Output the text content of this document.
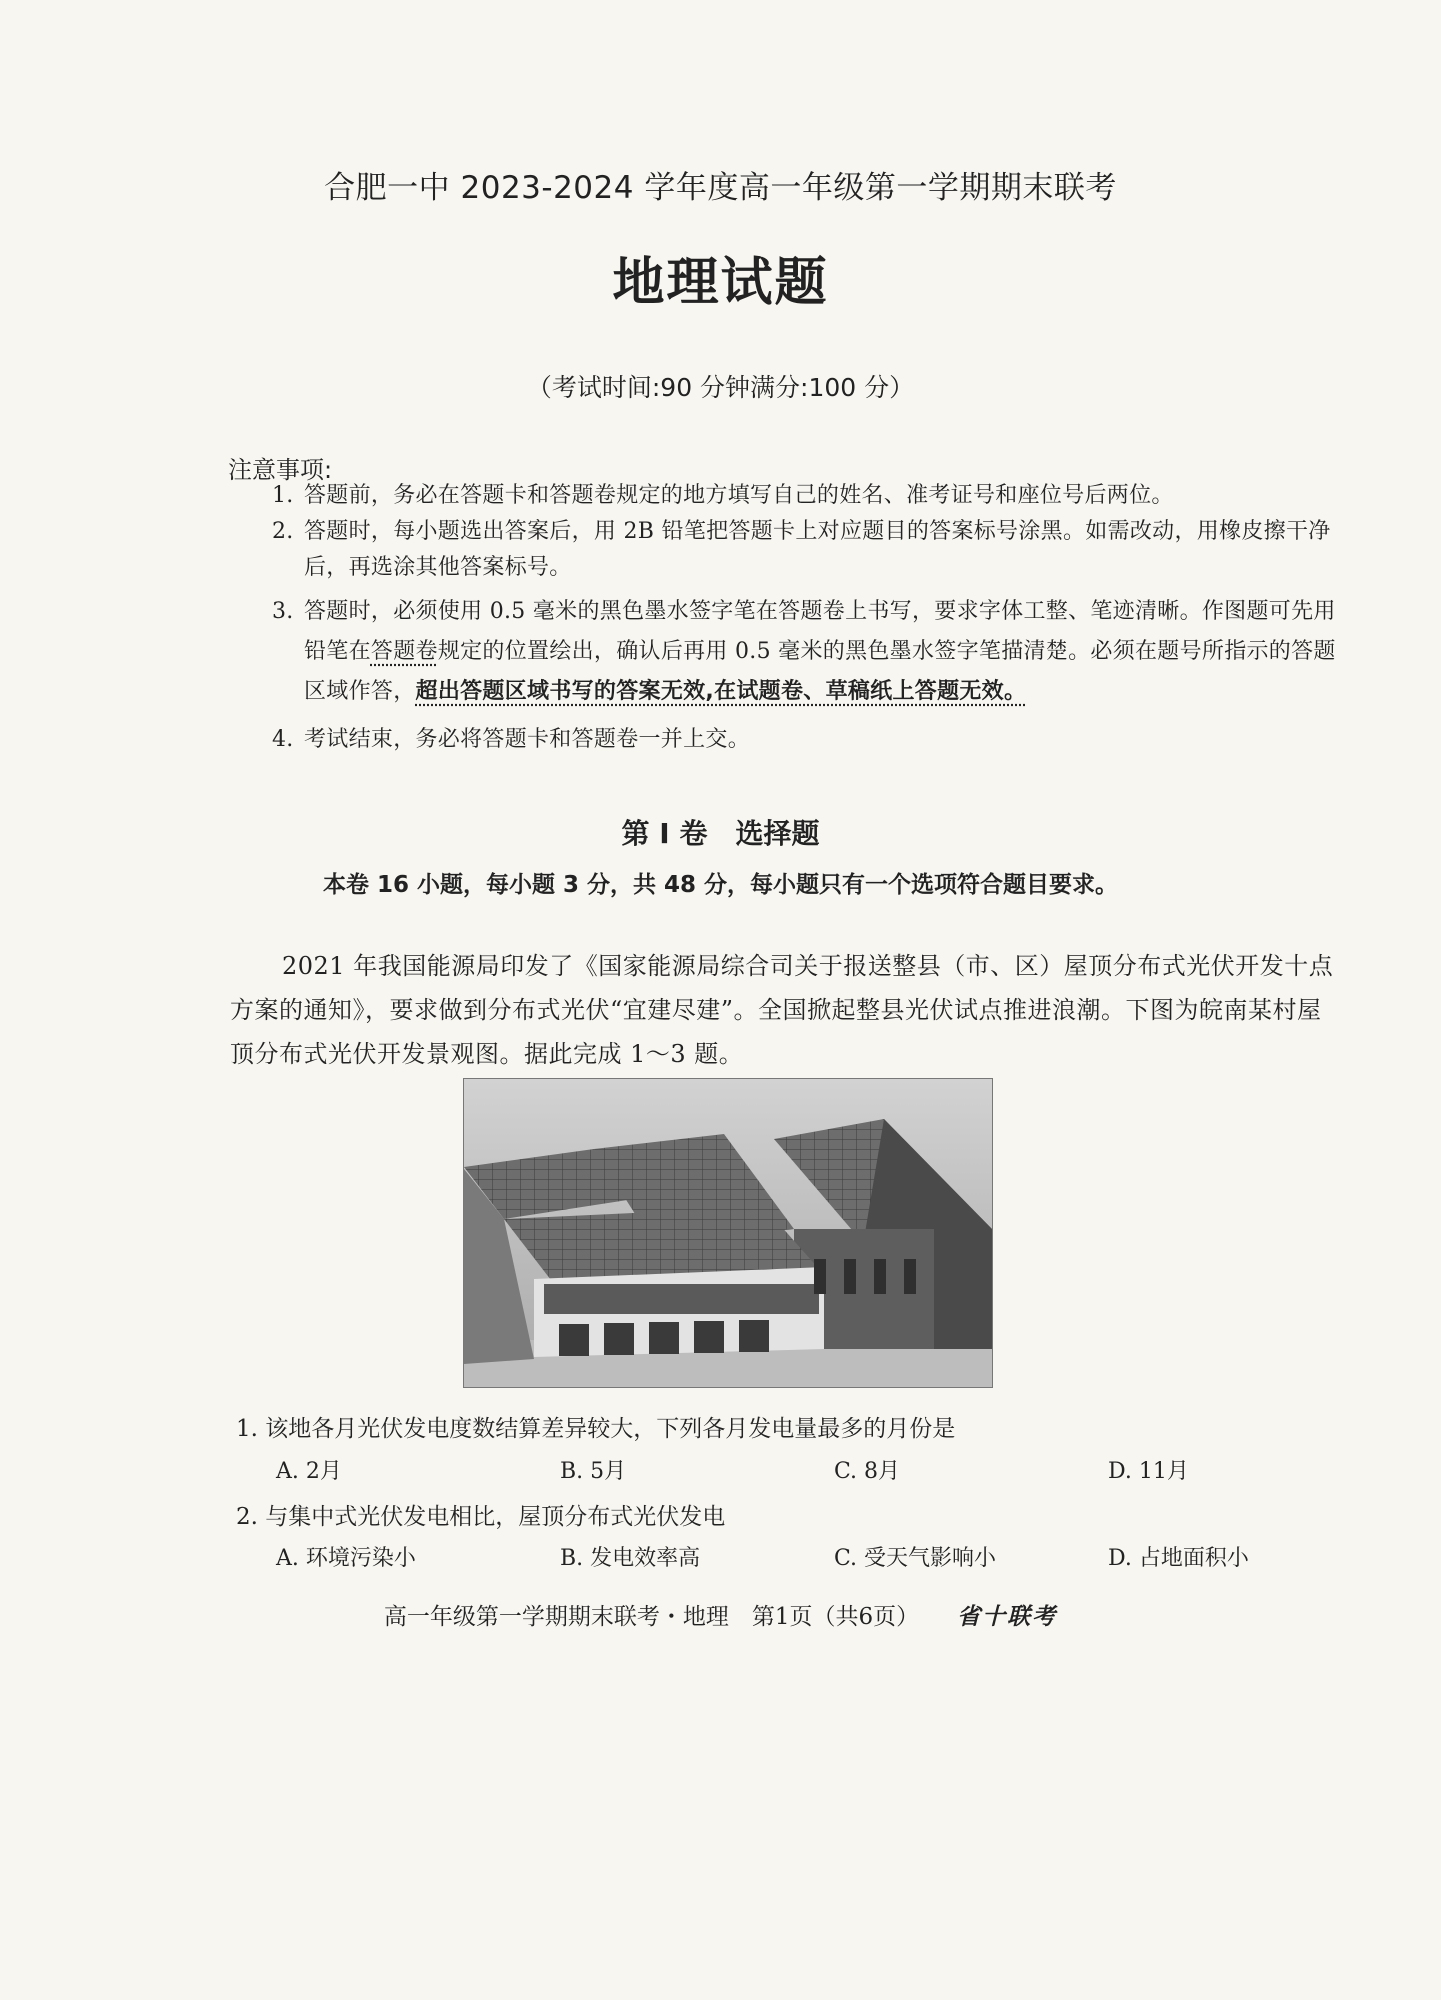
合肥一中 2023-2024 学年度高一年级第一学期期末联考
地理试题
（考试时间:90 分钟满分:100 分）
注意事项:
1. 答题前，务必在答题卡和答题卷规定的地方填写自己的姓名、准考证号和座位号后两位。
2. 答题时，每小题选出答案后，用 2B 铅笔把答题卡上对应题目的答案标号涂黑。如需改动，用橡皮擦干净后，再选涂其他答案标号。
3. 答题时，必须使用 0.5 毫米的黑色墨水签字笔在答题卷上书写，要求字体工整、笔迹清晰。作图题可先用铅笔在答题卷规定的位置绘出，确认后再用 0.5 毫米的黑色墨水签字笔描清楚。必须在题号所指示的答题区域作答，超出答题区域书写的答案无效,在试题卷、草稿纸上答题无效。
4. 考试结束，务必将答题卡和答题卷一并上交。
第 Ⅰ 卷　选择题
本卷 16 小题，每小题 3 分，共 48 分，每小题只有一个选项符合题目要求。
2021 年我国能源局印发了《国家能源局综合司关于报送整县（市、区）屋顶分布式光伏开发十点方案的通知》，要求做到分布式光伏“宜建尽建”。全国掀起整县光伏试点推进浪潮。下图为皖南某村屋顶分布式光伏开发景观图。据此完成 1～3 题。
1. 该地各月光伏发电度数结算差异较大，下列各月发电量最多的月份是
A. 2月	B. 5月	C. 8月	D. 11月
2. 与集中式光伏发电相比，屋顶分布式光伏发电
A. 环境污染小	B. 发电效率高	C. 受天气影响小	D. 占地面积小
高一年级第一学期期末联考・地理　第1页（共6页） 省十联考
